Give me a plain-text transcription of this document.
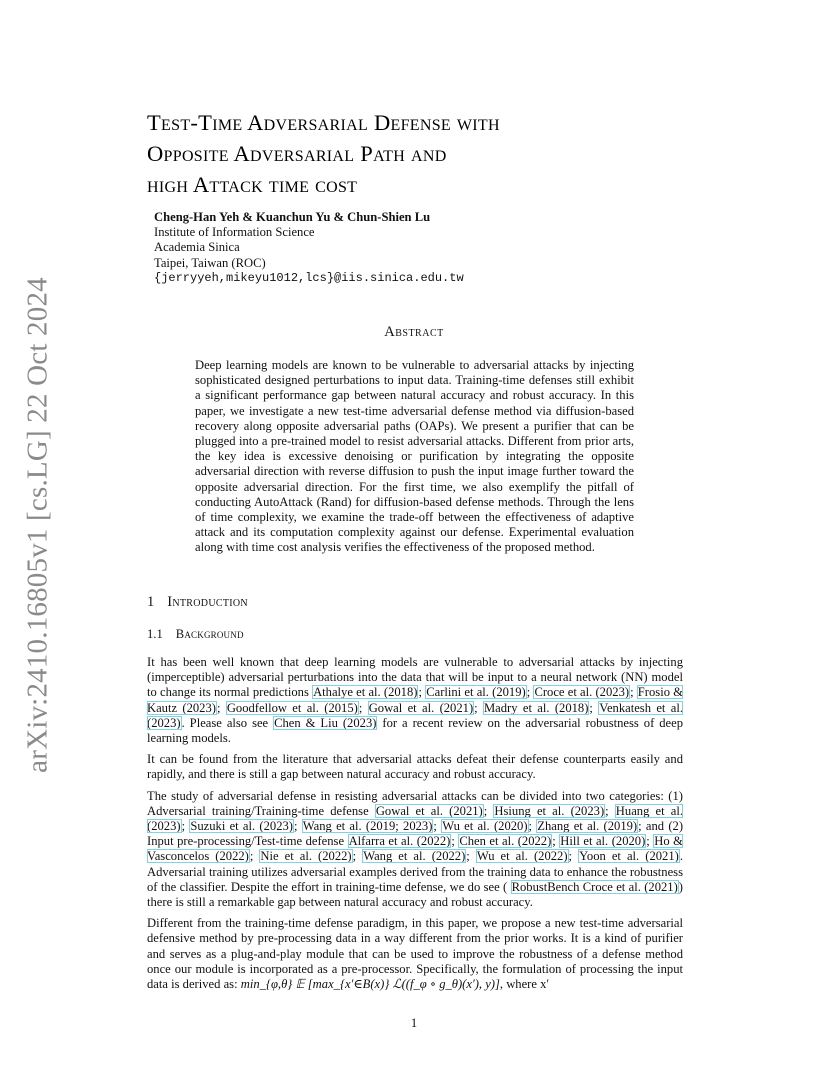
arXiv:2410.16805v1 [cs.LG] 22 Oct 2024
Test-Time Adversarial Defense with
Opposite Adversarial Path and
high Attack time cost
Cheng-Han Yeh & Kuanchun Yu & Chun-Shien Lu
Institute of Information Science
Academia Sinica
Taipei, Taiwan (ROC)
{jerryyeh,mikeyu1012,lcs}@iis.sinica.edu.tw
Abstract
Deep learning models are known to be vulnerable to adversarial attacks by injecting sophisticated designed perturbations to input data. Training-time defenses still exhibit a significant performance gap between natural accuracy and robust accuracy. In this paper, we investigate a new test-time adversarial defense method via diffusion-based recovery along opposite adversarial paths (OAPs). We present a purifier that can be plugged into a pre-trained model to resist adversarial attacks. Different from prior arts, the key idea is excessive denoising or purification by integrating the opposite adversarial direction with reverse diffusion to push the input image further toward the opposite adversarial direction. For the first time, we also exemplify the pitfall of conducting AutoAttack (Rand) for diffusion-based defense methods. Through the lens of time complexity, we examine the trade-off between the effectiveness of adaptive attack and its computation complexity against our defense. Experimental evaluation along with time cost analysis verifies the effectiveness of the proposed method.
1 Introduction
1.1 Background

It has been well known that deep learning models are vulnerable to adversarial attacks by injecting (imperceptible) adversarial perturbations into the data that will be input to a neural network (NN) model to change its normal predictions Athalye et al. (2018); Carlini et al. (2019); Croce et al. (2023); Frosio & Kautz (2023); Goodfellow et al. (2015); Gowal et al. (2021); Madry et al. (2018); Venkatesh et al. (2023). Please also see Chen & Liu (2023) for a recent review on the adversarial robustness of deep learning models.

It can be found from the literature that adversarial attacks defeat their defense counterparts easily and rapidly, and there is still a gap between natural accuracy and robust accuracy.

The study of adversarial defense in resisting adversarial attacks can be divided into two categories: (1) Adversarial training/Training-time defense Gowal et al. (2021); Hsiung et al. (2023); Huang et al. (2023); Suzuki et al. (2023); Wang et al. (2019; 2023); Wu et al. (2020); Zhang et al. (2019); and (2) Input pre-processing/Test-time defense Alfarra et al. (2022); Chen et al. (2022); Hill et al. (2020); Ho & Vasconcelos (2022); Nie et al. (2022); Wang et al. (2022); Wu et al. (2022); Yoon et al. (2021). Adversarial training utilizes adversarial examples derived from the training data to enhance the robustness of the classifier. Despite the effort in training-time defense, we do see ( RobustBench Croce et al. (2021)) there is still a remarkable gap between natural accuracy and robust accuracy.

Different from the training-time defense paradigm, in this paper, we propose a new test-time adversarial defensive method by pre-processing data in a way different from the prior works. It is a kind of purifier and serves as a plug-and-play module that can be used to improve the robustness of a defense method once our module is incorporated as a pre-processor. Specifically, the formulation of processing the input data is derived as: min_{φ,θ} 𝔼 [max_{x′∈B(x)} ℒ((f_φ ∘ g_θ)(x′), y)], where x′

1
